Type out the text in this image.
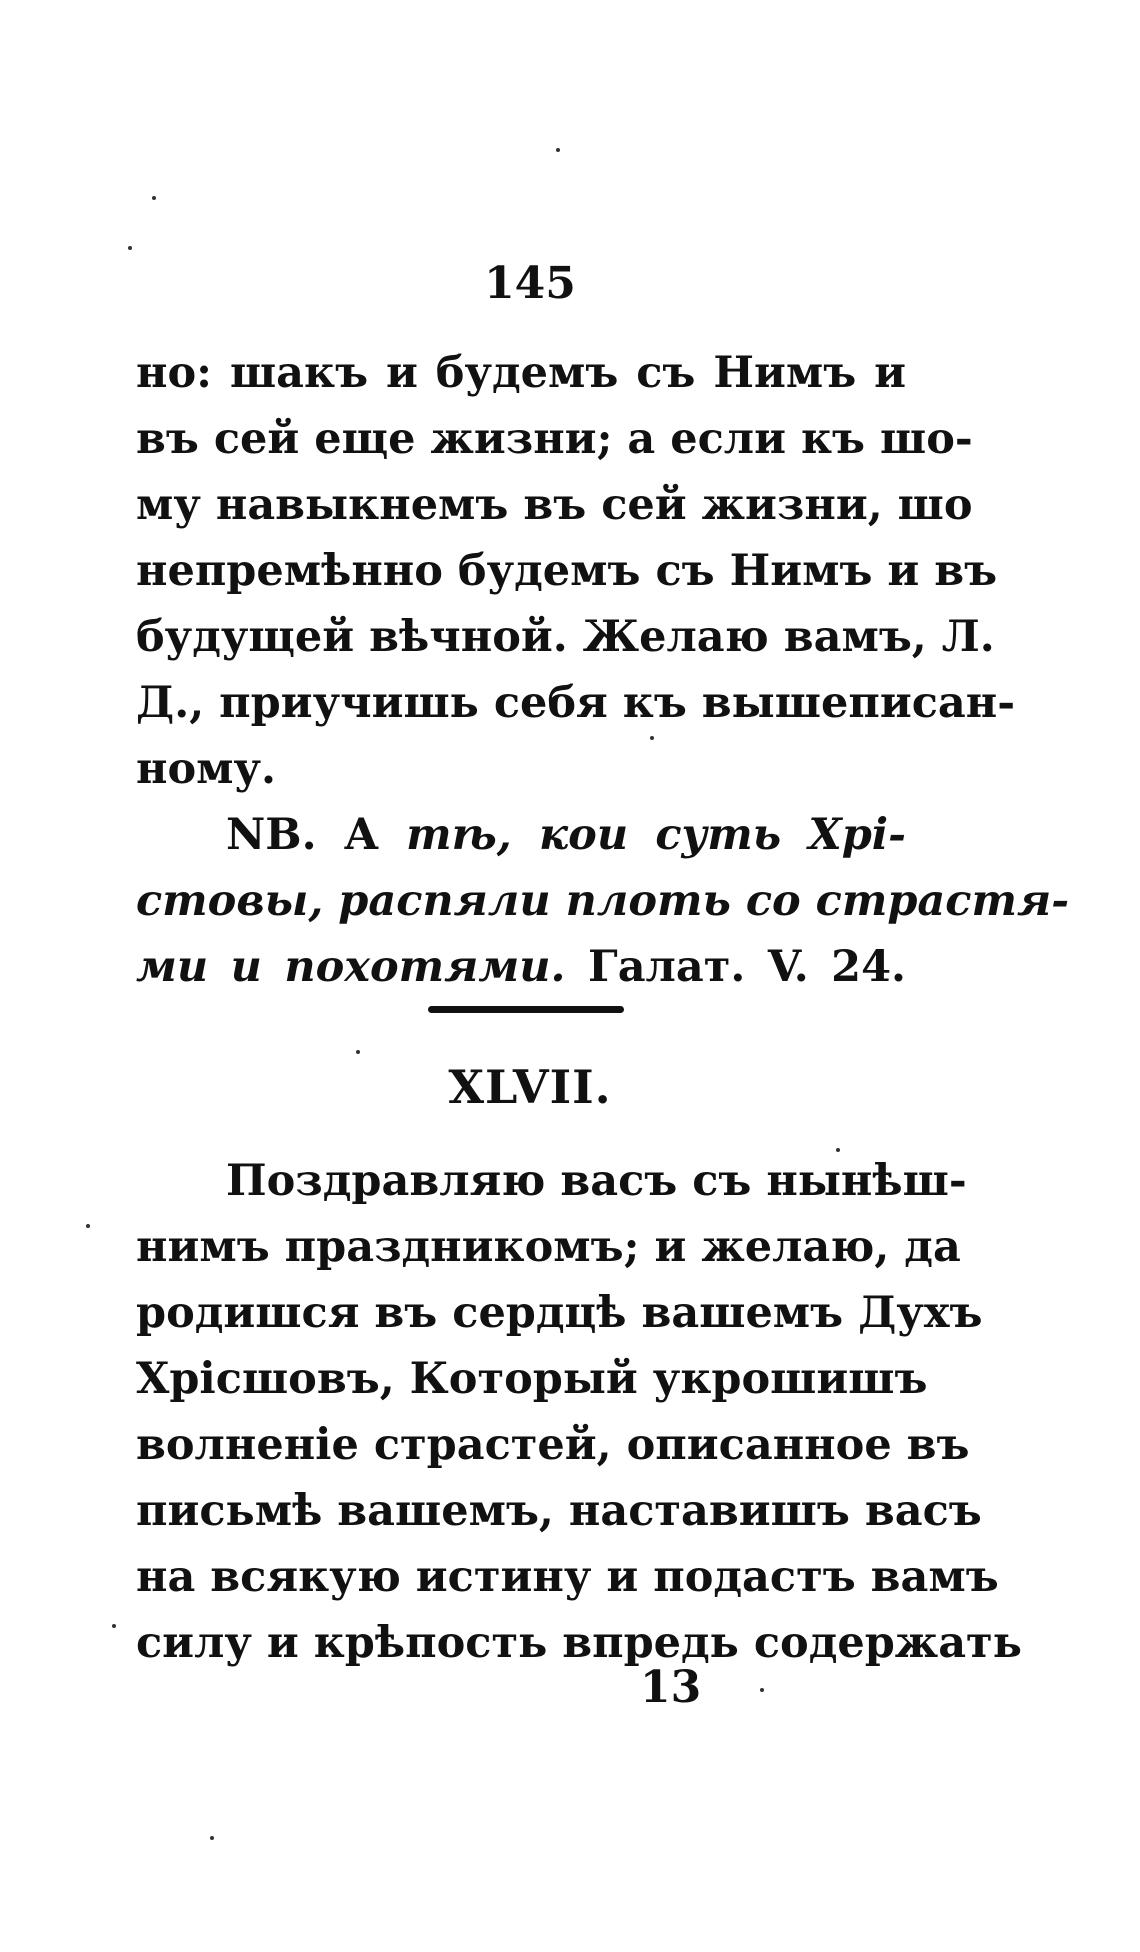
145
но: шакъ и будемъ съ Нимъ и
въ сей еще жизни; а если къ шо-
му навыкнемъ въ сей жизни, шо
непремѣнно будемъ съ Нимъ и въ
будущей вѣчной. Желаю вамъ, Л.
Д., приучишь себя къ вышеписан-
ному.
NB. А тѣ, кои суть Хрі-
стовы, распяли плоть со страстя-
ми и похотями. Галат. V. 24.
XLVII.
Поздравляю васъ съ нынѣш-
нимъ праздникомъ; и желаю, да
родишся въ сердцѣ вашемъ Духъ
Хрісшовъ, Который укрошишъ
волненіе страстей, описанное въ
письмѣ вашемъ, наставишъ васъ
на всякую истину и подастъ вамъ
силу и крѣпость впредь содержать
13
